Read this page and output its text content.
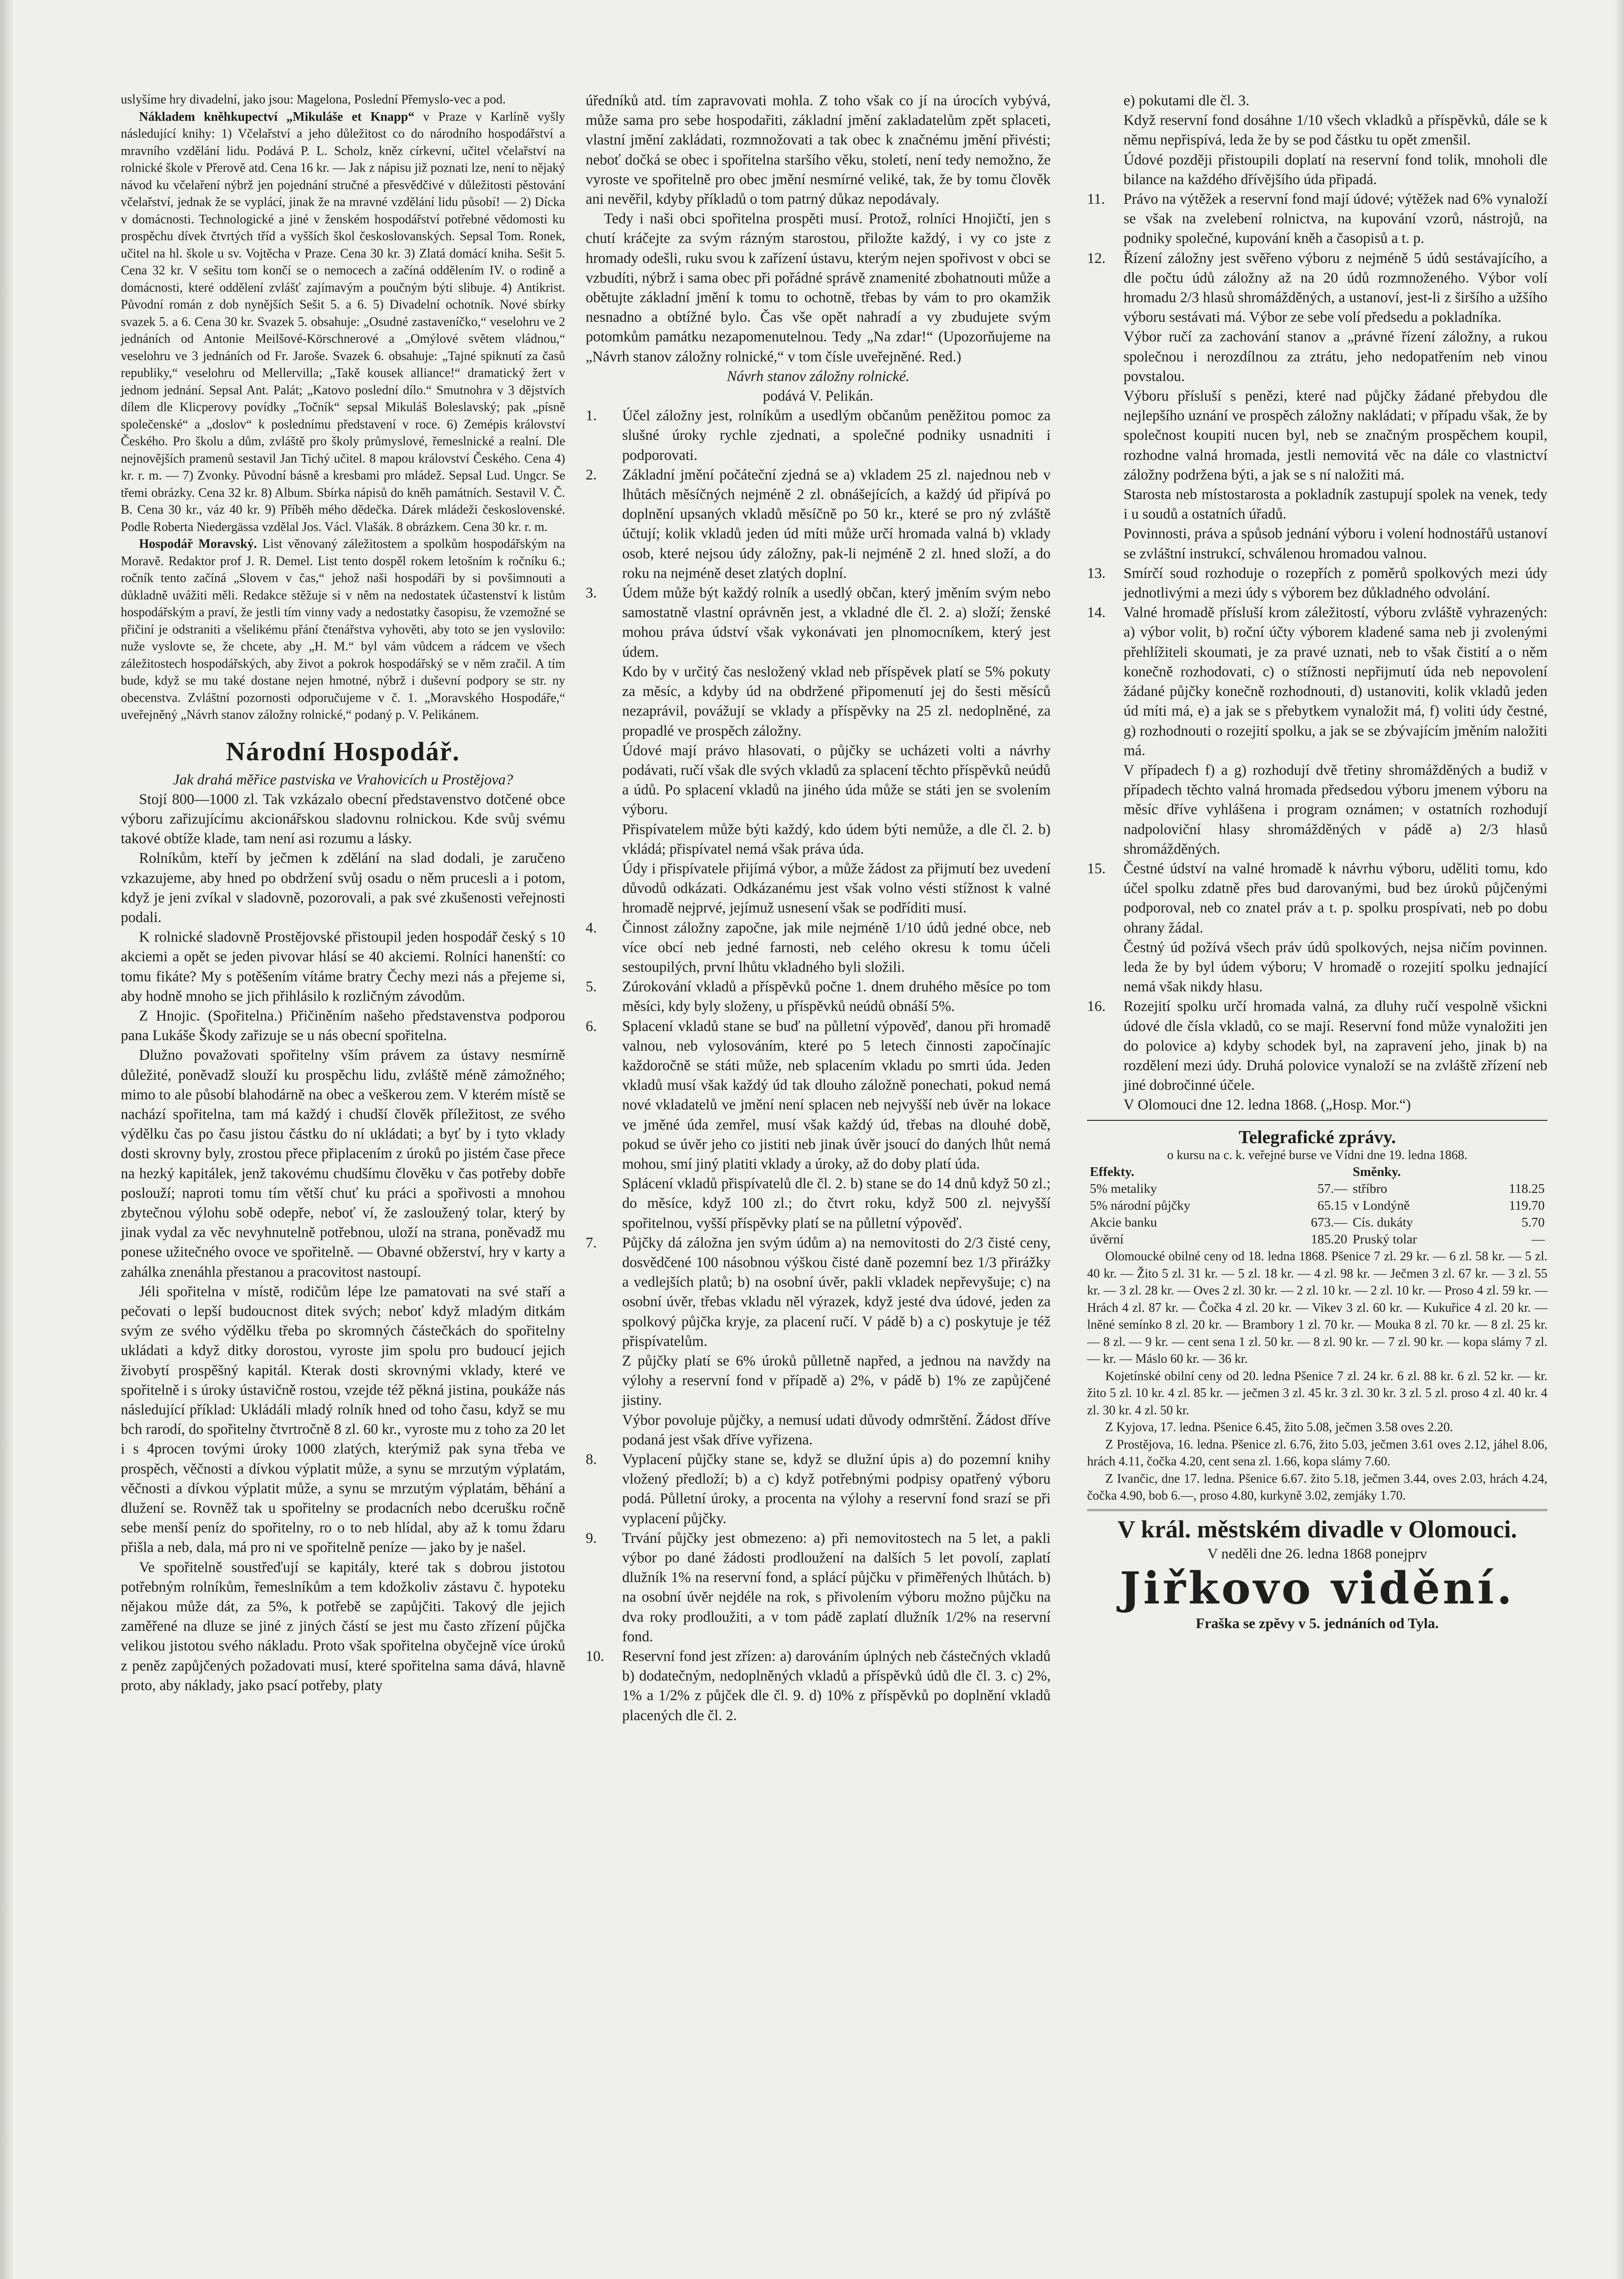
uslyšíme hry divadelní, jako jsou: Magelona, Poslední Přemyslo-vec a pod.

Nákladem kněhkupectví „Mikuláše et Knapp“ v Praze v Karlíně vyšly následující knihy: 1) Včelařství a jeho důležitost co do národního hospodářství a mravního vzdělání lidu. Podává P. L. Scholz, kněz církevní, učitel včelařství na rolnické škole v Přerově atd. Cena 16 kr. — Jak z nápisu již poznati lze, není to nějaký návod ku včelaření nýbrž jen pojednání stručné a přesvědčivé v důležitosti pěstování včelařství, jednak že se vyplácí, jinak že na mravné vzdělání lidu působí! — 2) Dícka v domácnosti. Technologické a jiné v ženském hospodářství potřebné vědomosti ku prospěchu dívek čtvrtých tříd a vyšších škol českoslovanských. Sepsal Tom. Ronek, učitel na hl. škole u sv. Vojtěcha v Praze. Cena 30 kr. 3) Zlatá domácí kniha. Sešit 5. Cena 32 kr. V sešitu tom končí se o nemocech a začíná oddělením IV. o rodině a domácnosti, které oddělení zvlášť zajímavým a poučným býti slibuje. 4) Antikrist. Původní román z dob nynějších Sešit 5. a 6. 5) Divadelní ochotník. Nové sbírky svazek 5. a 6. Cena 30 kr. Svazek 5. obsahuje: „Osudné zastaveníčko,“ veselohru ve 2 jednáních od Antonie Meilšové-Körschnerové a „Omýlové světem vládnou,“ veselohru ve 3 jednáních od Fr. Jaroše. Svazek 6. obsahuje: „Tajné spiknutí za časů republiky,“ veselohru od Mellervilla; „Takě kousek alliance!“ dramatický žert v jednom jednání. Sepsal Ant. Palát; „Katovo poslední dílo.“ Smutnohra v 3 dějstvích dílem dle Klicperovy povídky „Točník“ sepsal Mikuláš Boleslavský; pak „písně společenské“ a „doslov“ k poslednímu představení v roce. 6) Zemépis království Českého. Pro školu a dům, zvláště pro školy průmyslové, řemeslnické a realní. Dle nejnovějších pramenů sestavil Jan Tichý učitel. 8 mapou království Českého. Cena 4) kr. r. m. — 7) Zvonky. Původní básně a kresbami pro mládež. Sepsal Lud. Ungcr. Se třemi obrázky. Cena 32 kr. 8) Album. Sbírka nápisů do kněh památních. Sestavil V. Č. B. Cena 30 kr., váz 40 kr. 9) Příběh mého dědečka. Dárek mládeži československé. Podle Roberta Niedergässa vzdělal Jos. Václ. Vlašák. 8 obrázkem. Cena 30 kr. r. m.

Hospodář Moravský. List věnovaný záležitostem a spolkům hospodářským na Moravě. Redaktor prof J. R. Demel. List tento dospěl rokem letošním k ročníku 6.; ročník tento začíná „Slovem v čas,“ jehož naši hospodáři by si povšimnouti a důkladně uvážiti měli. Redakce stěžuje si v něm na nedostatek účastenství k listům hospodářským a praví, že jestli tím vinny vady a nedostatky časopisu, že vzemožné se přičiní je odstraniti a všelikému přání čtenářstva vyhověti, aby toto se jen vyslovilo: nuže vyslovte se, že chcete, aby „H. M.“ byl vám vůdcem a rádcem ve všech záležitostech hospodářských, aby život a pokrok hospodářský se v něm zračil. A tím bude, když se mu také dostane nejen hmotné, nýbrž i duševní podpory se str. ny obecenstva. Zvláštní pozornosti odporučujeme v č. 1. „Moravského Hospodáře,“ uveřejněný „Návrh stanov záložny rolnické,“ podaný p. V. Pelikánem.

Národní Hospodář.

Jak drahá měřice pastviska ve Vrahovicích u Prostějova?

Stojí 800—1000 zl. Tak vzkázalo obecní představenstvo dotčené obce výboru zařizujícímu akcionářskou sladovnu rolnickou. Kde svůj svému takové obtíže klade, tam není asi rozumu a lásky.

Rolníkům, kteří by ječmen k zdělání na slad dodali, je zaručeno vzkazujeme, aby hned po obdržení svůj osadu o něm prucesli a i potom, když je jeni zvíkal v sladovně, pozorovali, a pak své zkušenosti veřejnosti podali.

K rolnické sladovně Prostějovské přistoupil jeden hospodář český s 10 akciemi a opět se jeden pivovar hlásí se 40 akciemi. Rolníci hanenští: co tomu fikáte? My s potěšením vítáme bratry Čechy mezi nás a přejeme si, aby hodně mnoho se jich přihlásilo k rozličným závodům.

Z Hnojic. (Spořitelna.) Přičiněním našeho představenstva podporou pana Lukáše Škody zařizuje se u nás obecní spořitelna.

Dlužno považovati spořitelny vším právem za ústavy nesmírně důležité, poněvadž slouží ku prospěchu lidu, zvláště méně zámožného; mimo to ale působí blahodárně na obec a veškerou zem. V kterém místě se nachází spořitelna, tam má každý i chudší člověk příležitost, ze svého výdělku čas po času jistou částku do ní ukládati; a byť by i tyto vklady dosti skrovny byly, zrostou přece připlacením z úroků po jistém čase přece na hezký kapitálek, jenž takovému chudšímu člověku v čas potřeby dobře poslouží; naproti tomu tím větší chuť ku práci a spořivosti a mnohou zbytečnou výlohu sobě odepře, neboť ví, že zasloužený tolar, který by jinak vydal za věc nevyhnutelně potřebnou, uloží na strana, poněvadž mu ponese užitečného ovoce ve spořitelně. — Obavné obžerství, hry v karty a zahálka znenáhla přestanou a pracovitost nastoupí.

Jéli spořitelna v místě, rodičům lépe lze pamatovati na své staří a pečovati o lepší budoucnost ditek svých; neboť když mladým ditkám svým ze svého výdělku třeba po skromných částečkách do spořitelny ukládati a když ditky dorostou, vyroste jim spolu pro budoucí jejich živobytí prospěšný kapitál. Kterak dosti skrovnými vklady, které ve spořitelně i s úroky ústavičně rostou, vzejde též pěkná jistina, poukáže nás následující příklad: Ukládáli mladý rolník hned od toho času, když se mu bch rarodí, do spořitelny čtvrtročně 8 zl. 60 kr., vyroste mu z toho za 20 let i s 4procen tovými úroky 1000 zlatých, kterýmiž pak syna třeba ve prospěch, věčnosti a dívkou výplatit může, a synu se mrzutým výplatám, věčnosti a dívkou výplatit může, a synu se mrzutým výplatám, běhání a dlužení se. Rovněž tak u spořitelny se prodacních nebo dcerušku ročně sebe menší peníz do spořitelny, ro o to neb hlídal, aby až k tomu ždaru přišla a neb, dala, má pro ni ve spořitelně peníze — jako by je našel.

Ve spořitelně soustřeďují se kapitály, které tak s dobrou jistotou potřebným rolníkům, řemeslníkům a tem kdožkoliv zástavu č. hypoteku nějakou může dát, za 5%, k potřebě se zapůjčiti. Takový dle jejich zaměřené na dluze se jiné z jiných částí se jest mu často zřízení půjčka velikou jistotou svého nákladu. Proto však spořitelna obyčejně více úroků z peněz zapůjčených požadovati musí, které spořitelna sama dává, hlavně proto, aby náklady, jako psací potřeby, platy

úředníků atd. tím zapravovati mohla. Z toho však co jí na úrocích vybývá, může sama pro sebe hospodařiti, základní jmění zakladatelům zpět splaceti, vlastní jmění zakládati, rozmnožovati a tak obec k značnému jmění přivésti; neboť dočká se obec i spořitelna staršího věku, století, není tedy nemožno, že vyroste ve spořitelně pro obec jmění nesmírné veliké, tak, že by tomu člověk ani nevěřil, kdyby příkladů o tom patrný důkaz nepodávaly.

Tedy i naši obci spořitelna prospěti musí. Protož, rolníci Hnojičtí, jen s chutí kráčejte za svým rázným starostou, přiložte každý, i vy co jste z hromady odešli, ruku svou k zařízení ústavu, kterým nejen spořivost v obci se vzbudíti, nýbrž i sama obec při pořádné správě znamenité zbohatnouti může a obětujte základní jmění k tomu to ochotně, třebas by vám to pro okamžik nesnadno a obtížné bylo. Čas vše opět nahradí a vy zbudujete svým potomkům památku nezapomenutelnou. Tedy „Na zdar!“ (Upozorňujeme na „Návrh stanov záložny rolnické,“ v tom čísle uveřejněné. Red.)

Návrh stanov záložny rolnické.

podává V. Pelikán.

1.	Účel záložny jest, rolníkům a usedlým občanům peněžitou pomoc za slušné úroky rychle zjednati, a společné podniky usnadniti i podporovati.
2.	Základní jmění počáteční zjedná se a) vkladem 25 zl. najednou neb v lhůtách měsíčných nejméně 2 zl. obnášejících, a každý úd připívá po doplnění upsaných vkladů měsíčně po 50 kr., které se pro ný zvláště účtují; kolik vkladů jeden úd míti může určí hromada valná b) vklady osob, které nejsou údy záložny, pak-li nejméně 2 zl. hned složí, a do roku na nejméně deset zlatých doplní.
3.	Údem může být každý rolník a usedlý občan, který jměním svým nebo samostatně vlastní oprávněn jest, a vkladné dle čl. 2. a) složí; ženské mohou práva údství však vykonávati jen plnomocníkem, který jest údem.
Kdo by v určitý čas nesložený vklad neb příspěvek platí se 5% pokuty za měsíc, a kdyby úd na obdržené připomenutí jej do šesti měsíců nezaprávil, povážují se vklady a příspěvky na 25 zl. nedoplněné, za propadlé ve prospěch záložny.
Údové mají právo hlasovati, o půjčky se ucházeti volti a návrhy podávati, ručí však dle svých vkladů za splacení těchto příspěvků neúdů a údů. Po splacení vkladů na jiného úda může se státi jen se svolením výboru.
Přispívatelem může býti každý, kdo údem býti nemůže, a dle čl. 2. b) vkládá; přispívatel nemá však práva úda.
Údy i přispívatele přijímá výbor, a může žádost za přijmutí bez uvedení důvodů odkázati. Odkázanému jest však volno vésti stížnost k valné hromadě nejprvé, jejímuž usnesení však se podříditi musí.
4.	Činnost záložny započne, jak mile nejméně 1/10 údů jedné obce, neb více obcí neb jedné farnosti, neb celého okresu k tomu účeli sestoupilých, první lhůtu vkladného byli složili.
5.	Zúrokování vkladů a příspěvků počne 1. dnem druhého měsíce po tom měsíci, kdy byly složeny, u příspěvků neúdů obnáší 5%.
6.	Splacení vkladů stane se buď na půlletní výpověď, danou při hromadě valnou, neb vylosováním, které po 5 letech činnosti započínajíc každoročně se státi může, neb splacením vkladu po smrti úda. Jeden vkladů musí však každý úd tak dlouho záložně ponechati, pokud nemá nové vkladatelů ve jmění není splacen neb nejvyšší neb úvěr na lokace ve jměné úda zemřel, musí však každý úd, třebas na dlouhé době, pokud se úvěr jeho co jistiti neb jinak úvěr jsoucí do daných lhůt nemá mohou, smí jiný platiti vklady a úroky, až do doby platí úda.
Splácení vkladů přispívatelů dle čl. 2. b) stane se do 14 dnů když 50 zl.; do měsíce, když 100 zl.; do čtvrt roku, když 500 zl. nejvyšší spořitelnou, vyšší příspěvky platí se na půlletní výpověď.
7.	Půjčky dá záložna jen svým údům a) na nemovitosti do 2/3 čisté ceny, dosvědčené 100 násobnou výškou čisté daně pozemní bez 1/3 přirážky a vedlejších platů; b) na osobní úvěr, pakli vkladek nepřevyšuje; c) na osobní úvěr, třebas vkladu něl výrazek, když jesté dva údové, jeden za spolkový půjčka kryje, za placení ručí. V pádě b) a c) poskytuje je též přispívatelům.
Z půjčky platí se 6% úroků půlletně napřed, a jednou na navždy na výlohy a reservní fond v případě a) 2%, v pádě b) 1% ze zapůjčené jistiny.
Výbor povoluje půjčky, a nemusí udati důvody odmrštění. Žádost dříve podaná jest však dříve vyřizena.
8.	Vyplacení půjčky stane se, když se dlužní úpis a) do pozemní knihy vložený předloží; b) a c) když potřebnými podpisy opatřený výboru podá. Půlletní úroky, a procenta na výlohy a reservní fond srazí se při vyplacení půjčky.
9.	Trvání půjčky jest obmezeno: a) při nemovitostech na 5 let, a pakli výbor po dané žádosti prodloužení na dalších 5 let povolí, zaplatí dlužník 1% na reservní fond, a splácí půjčku v přiměřených lhůtách. b) na osobní úvěr nejdéle na rok, s přivolením výboru možno půjčku na dva roky prodloužiti, a v tom pádě zaplatí dlužník 1/2% na reservní fond.
10.	Reservní fond jest zřízen: a) darováním úplných neb částečných vkladů b) dodatečným, nedoplněných vkladů a příspěvků údů dle čl. 3. c) 2%, 1% a 1/2% z půjček dle čl. 9. d) 10% z příspěvků po doplnění vkladů placených dle čl. 2.
e) pokutami dle čl. 3.
Když reservní fond dosáhne 1/10 všech vkladků a příspěvků, dále se k němu nepřispívá, leda že by se pod částku tu opět zmenšil.
Údové později přistoupili doplatí na reservní fond tolik, mnoholi dle bilance na každého dřívějšího úda připadá.
11.	Právo na výtěžek a reservní fond mají údové; výtěžek nad 6% vynaloží se však na zvelebení rolnictva, na kupování vzorů, nástrojů, na podniky společné, kupování kněh a časopisů a t. p.
12.	Řízení záložny jest svěřeno výboru z nejméně 5 údů sestávajícího, a dle počtu údů záložny až na 20 údů rozmnoženého. Výbor volí hromadu 2/3 hlasů shromážděných, a ustanoví, jest-li z širšího a užšího výboru sestávati má. Výbor ze sebe volí předsedu a pokladníka.
Výbor ručí za zachování stanov a „právné řízení záložny, a rukou společnou i nerozdílnou za ztrátu, jeho nedopatřením neb vinou povstalou.
Výboru přísluší s penězi, které nad půjčky žádané přebydou dle nejlepšího uznání ve prospěch záložny nakládati; v případu však, že by společnost koupiti nucen byl, neb se značným prospěchem koupil, rozhodne valná hromada, jestli nemovitá věc na dále co vlastnictví záložny podržena býti, a jak se s ní naložiti má.
Starosta neb místostarosta a pokladník zastupují spolek na venek, tedy i u soudů a ostatních úřadů.
Povinnosti, práva a spůsob jednání výboru i volení hodnostářů ustanoví se zvláštní instrukcí, schválenou hromadou valnou.
13.	Smírčí soud rozhoduje o rozepřích z poměrů spolkových mezi údy jednotlivými a mezi údy s výborem bez důkladného odvolání.
14.	Valné hromadě přísluší krom záležitostí, výboru zvláště vyhrazených: a) výbor volit, b) roční účty výborem kladené sama neb ji zvolenými přehlížiteli skoumati, je za pravé uznati, neb to však čistití a o něm konečně rozhodovati, c) o stížnosti nepřijmutí úda neb nepovolení žádané půjčky konečně rozhodnouti, d) ustanoviti, kolik vkladů jeden úd míti má, e) a jak se s přebytkem vynaložit má, f) voliti údy čestné, g) rozhodnouti o rozejití spolku, a jak se se zbývajícím jměním naložiti má.
V případech f) a g) rozhodují dvě třetiny shromážděných a budiž v případech těchto valná hromada předsedou výboru jmenem výboru na měsíc dříve vyhlášena i program oznámen; v ostatních rozhodují nadpoloviční hlasy shromážděných v pádě a) 2/3 hlasů shromážděných.
15.	Čestné údství na valné hromadě k návrhu výboru, uděliti tomu, kdo účel spolku zdatně přes bud darovanými, bud bez úroků půjčenými podporoval, neb co znatel práv a t. p. spolku prospívati, neb po dobu ohrany žádal.
Čestný úd požívá všech práv údů spolkových, nejsa ničím povinnen. leda že by byl údem výboru; V hromadě o rozejití spolku jednající nemá však nikdy hlasu.
16.	Rozejití spolku určí hromada valná, za dluhy ručí vespolně všickni údové dle čísla vkladů, co se mají. Reservní fond může vynaložiti jen do polovice a) kdyby schodek byl, na zapravení jeho, jinak b) na rozdělení mezi údy. Druhá polovice vynaloží se na zvláště zřízení neb jiné dobročinné účele.
V Olomouci dne 12. ledna 1868. („Hosp. Mor.“)
Telegrafické zprávy.

o kursu na c. k. veřejné burse ve Vídni dne 19. ledna 1868.

Effekty.		Směnky.	
5% metaliky	57.—	stříbro	118.25
5% národní půjčky	65.15	v Londýně	119.70
Akcie banku	673.—	Cís. dukáty	5.70
úvěrní	185.20	Pruský tolar	—

Olomoucké obilné ceny od 18. ledna 1868. Pšenice 7 zl. 29 kr. — 6 zl. 58 kr. — 5 zl. 40 kr. — Žito 5 zl. 31 kr. — 5 zl. 18 kr. — 4 zl. 98 kr. — Ječmen 3 zl. 67 kr. — 3 zl. 55 kr. — 3 zl. 28 kr. — Oves 2 zl. 30 kr. — 2 zl. 10 kr. — 2 zl. 10 kr. — Proso 4 zl. 59 kr. — Hrách 4 zl. 87 kr. — Čočka 4 zl. 20 kr. — Vikev 3 zl. 60 kr. — Kukuřice 4 zl. 20 kr. — lněné semínko 8 zl. 20 kr. — Brambory 1 zl. 70 kr. — Mouka 8 zl. 70 kr. — 8 zl. 25 kr. — 8 zl. — 9 kr. — cent sena 1 zl. 50 kr. — 8 zl. 90 kr. — 7 zl. 90 kr. — kopa slámy 7 zl. — kr. — Máslo 60 kr. — 36 kr.

Kojetínské obilní ceny od 20. ledna Pšenice 7 zl. 24 kr. 6 zl. 88 kr. 6 zl. 52 kr. — kr. žito 5 zl. 10 kr. 4 zl. 85 kr. — ječmen 3 zl. 45 kr. 3 zl. 30 kr. 3 zl. 5 zl. proso 4 zl. 40 kr. 4 zl. 30 kr. 4 zl. 50 kr.

Z Kyjova, 17. ledna. Pšenice 6.45, žito 5.08, ječmen 3.58 oves 2.20.

Z Prostějova, 16. ledna. Pšenice zl. 6.76, žito 5.03, ječmen 3.61 oves 2.12, jáhel 8.06, hrách 4.11, čočka 4.20, cent sena zl. 1.66, kopa slámy 7.60.

Z Ivančic, dne 17. ledna. Pšenice 6.67. žito 5.18, ječmen 3.44, oves 2.03, hrách 4.24, čočka 4.90, bob 6.—, proso 4.80, kurkyně 3.02, zemjáky 1.70.

V král. městském divadle v Olomouci.
V neděli dne 26. ledna 1868 ponejprv
Jiřkovo vidění.
Fraška se zpěvy v 5. jednáních od Tyla.
